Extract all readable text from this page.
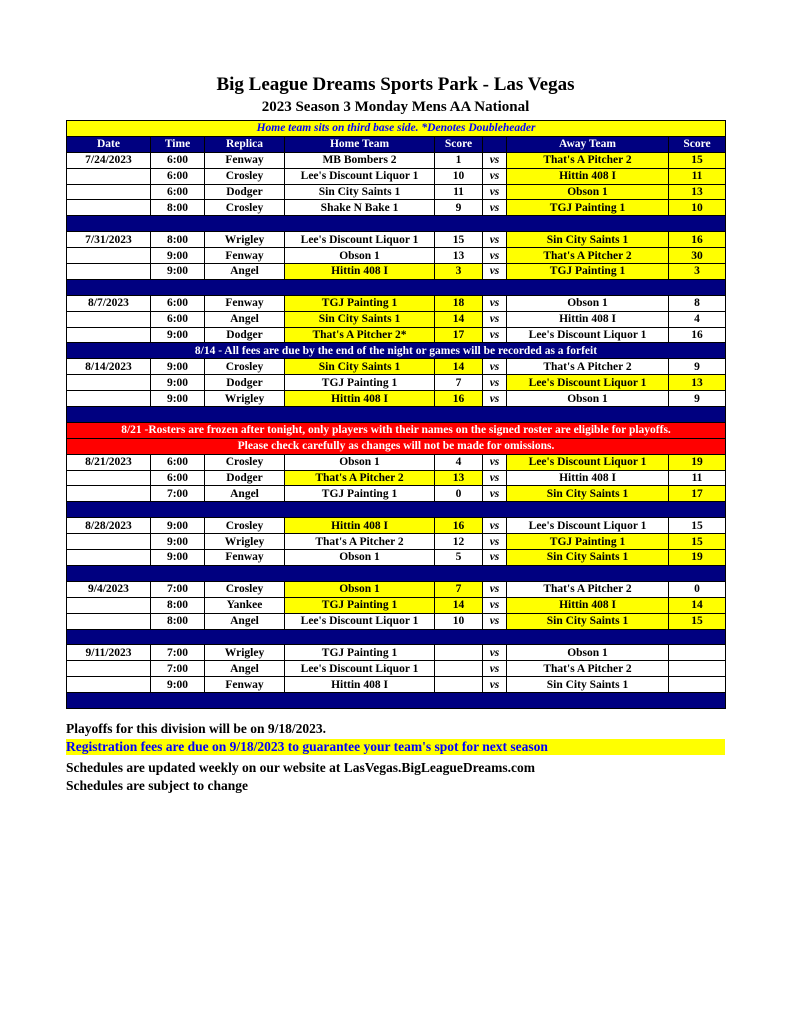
Big League Dreams Sports Park - Las Vegas
2023 Season 3 Monday Mens AA National
Home team sits on third base side. *Denotes Doubleheader							
Date	Time	Replica	Home Team	Score		Away Team	Score
7/24/2023	6:00	Fenway	MB Bombers 2	1	vs	That's A Pitcher 2	15
	6:00	Crosley	Lee's Discount Liquor 1	10	vs	Hittin 408 I	11
	6:00	Dodger	Sin City Saints 1	11	vs	Obson 1	13
	8:00	Crosley	Shake N Bake 1	9	vs	TGJ Painting 1	10

7/31/2023	8:00	Wrigley	Lee's Discount Liquor 1	15	vs	Sin City Saints 1	16
	9:00	Fenway	Obson 1	13	vs	That's A Pitcher 2	30
	9:00	Angel	Hittin 408 I	3	vs	TGJ Painting 1	3

8/7/2023	6:00	Fenway	TGJ Painting 1	18	vs	Obson 1	8
	6:00	Angel	Sin City Saints 1	14	vs	Hittin 408 I	4
	9:00	Dodger	That's A Pitcher 2*	17	vs	Lee's Discount Liquor 1	16
8/14 - All fees are due by the end of the night or games will be recorded as a forfeit							
8/14/2023	9:00	Crosley	Sin City Saints 1	14	vs	That's A Pitcher 2	9
	9:00	Dodger	TGJ Painting 1	7	vs	Lee's Discount Liquor 1	13
	9:00	Wrigley	Hittin 408 I	16	vs	Obson 1	9

8/21 -Rosters are frozen after tonight, only players with their names on the signed roster are eligible for playoffs.							
Please check carefully as changes will not be made for omissions.							
8/21/2023	6:00	Crosley	Obson 1	4	vs	Lee's Discount Liquor 1	19
	6:00	Dodger	That's A Pitcher 2	13	vs	Hittin 408 I	11
	7:00	Angel	TGJ Painting 1	0	vs	Sin City Saints 1	17

8/28/2023	9:00	Crosley	Hittin 408 I	16	vs	Lee's Discount Liquor 1	15
	9:00	Wrigley	That's A Pitcher 2	12	vs	TGJ Painting 1	15
	9:00	Fenway	Obson 1	5	vs	Sin City Saints 1	19

9/4/2023	7:00	Crosley	Obson 1	7	vs	That's A Pitcher 2	0
	8:00	Yankee	TGJ Painting 1	14	vs	Hittin 408 I	14
	8:00	Angel	Lee's Discount Liquor 1	10	vs	Sin City Saints 1	15

9/11/2023	7:00	Wrigley	TGJ Painting 1		vs	Obson 1	
	7:00	Angel	Lee's Discount Liquor 1		vs	That's A Pitcher 2	
	9:00	Fenway	Hittin 408 I		vs	Sin City Saints 1	

Playoffs for this division will be on 9/18/2023.
Registration fees are due on 9/18/2023 to guarantee your team's spot for next season
Schedules are updated weekly on our website at LasVegas.BigLeagueDreams.com
Schedules are subject to change
